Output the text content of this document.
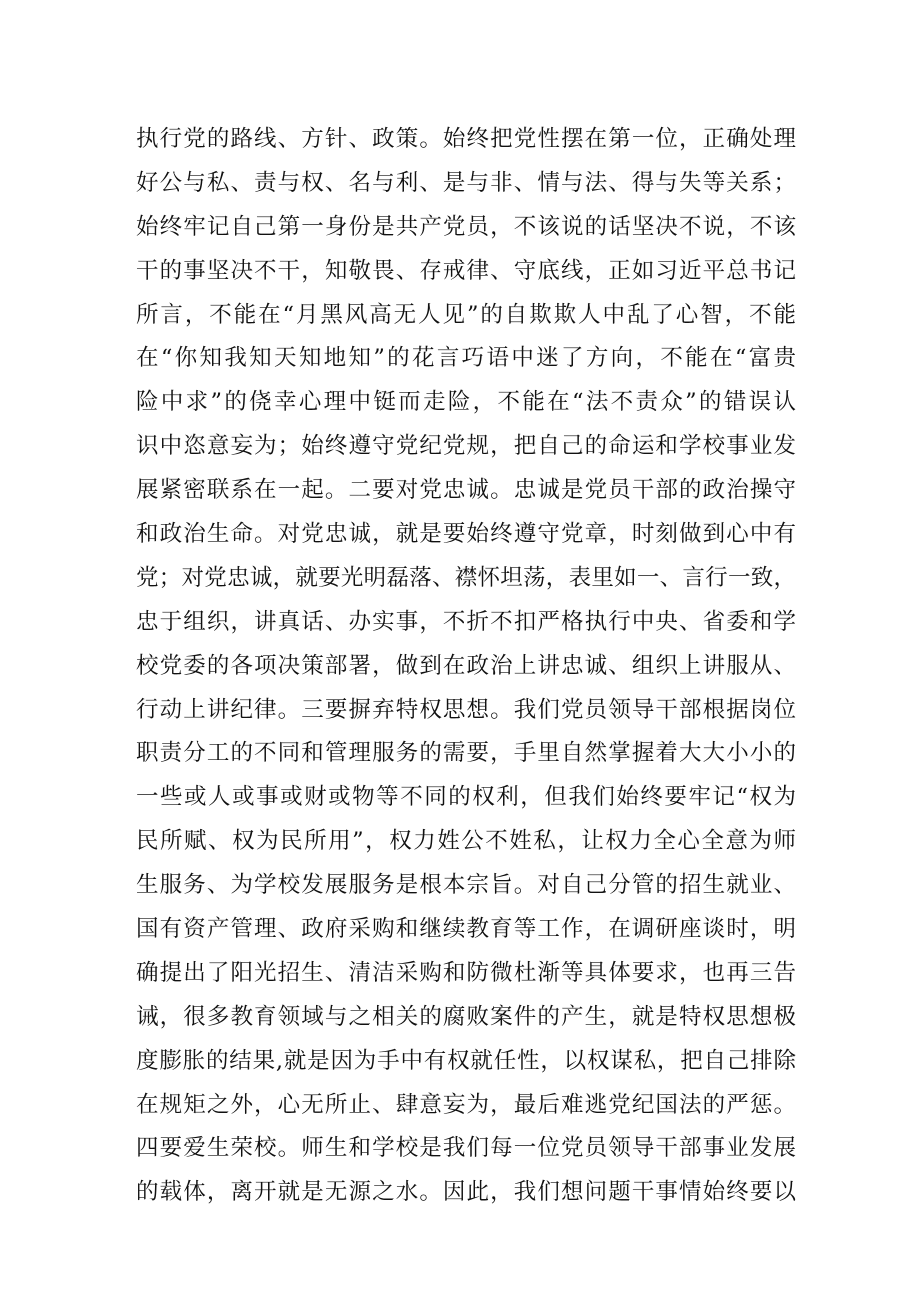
执行党的路线、方针、政策。始终把党性摆在第一位，正确处理
好公与私、责与权、名与利、是与非、情与法、得与失等关系；
始终牢记自己第一身份是共产党员，不该说的话坚决不说，不该
干的事坚决不干，知敬畏、存戒律、守底线，正如习近平总书记
所言，不能在“月黑风高无人见”的自欺欺人中乱了心智，不能
在“你知我知天知地知”的花言巧语中迷了方向，不能在“富贵
险中求”的侥幸心理中铤而走险，不能在“法不责众”的错误认
识中恣意妄为；始终遵守党纪党规，把自己的命运和学校事业发
展紧密联系在一起。二要对党忠诚。忠诚是党员干部的政治操守
和政治生命。对党忠诚，就是要始终遵守党章，时刻做到心中有
党；对党忠诚，就要光明磊落、襟怀坦荡，表里如一、言行一致，
忠于组织，讲真话、办实事，不折不扣严格执行中央、省委和学
校党委的各项决策部署，做到在政治上讲忠诚、组织上讲服从、
行动上讲纪律。三要摒弃特权思想。我们党员领导干部根据岗位
职责分工的不同和管理服务的需要，手里自然掌握着大大小小的
一些或人或事或财或物等不同的权利，但我们始终要牢记“权为
民所赋、权为民所用”，权力姓公不姓私，让权力全心全意为师
生服务、为学校发展服务是根本宗旨。对自己分管的招生就业、
国有资产管理、政府采购和继续教育等工作，在调研座谈时，明
确提出了阳光招生、清洁采购和防微杜渐等具体要求，也再三告
诫，很多教育领域与之相关的腐败案件的产生，就是特权思想极
度膨胀的结果,就是因为手中有权就任性，以权谋私，把自己排除
在规矩之外，心无所止、肆意妄为，最后难逃党纪国法的严惩。
四要爱生荣校。师生和学校是我们每一位党员领导干部事业发展
的载体，离开就是无源之水。因此，我们想问题干事情始终要以
